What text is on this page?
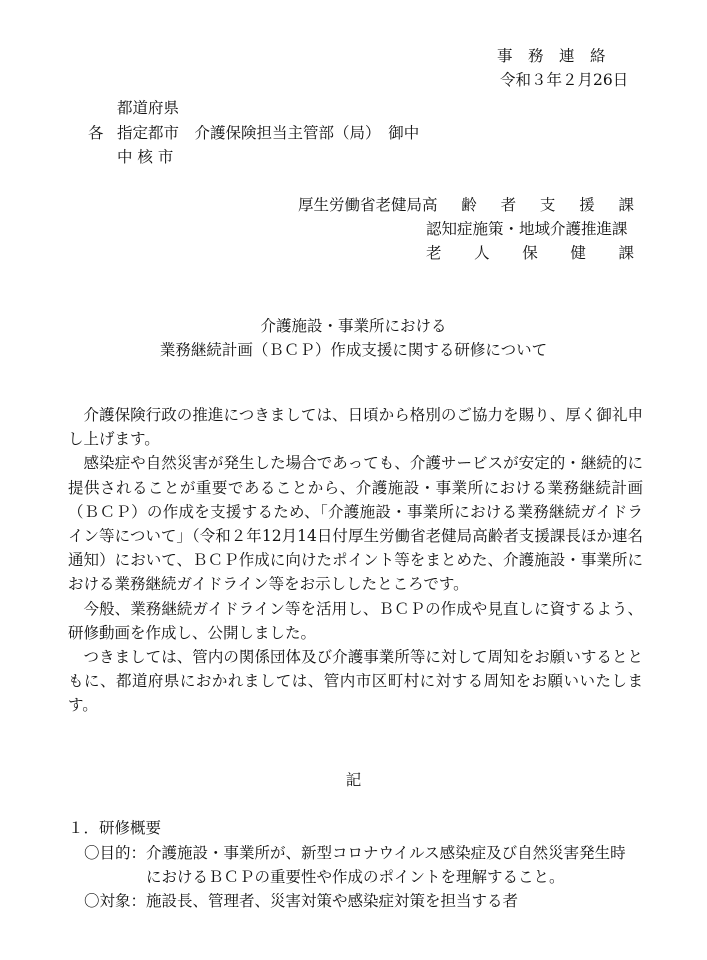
事　務　連　絡
令和３年２月26日
都道府県
各 指定都市　介護保険担当主管部（局）　御中
中 核 市
厚生労働省老健局 高 齢 者 支 援 課
認知症施策・地域介護推進課
老 人 保 健 課
介護施設・事業所における
業務継続計画（ＢＣＰ）作成支援に関する研修について

介護保険行政の推進につきましては、日頃から格別のご協力を賜り、厚く御礼申し上げます。

感染症や自然災害が発生した場合であっても、介護サービスが安定的・継続的に提供されることが重要であることから、介護施設・事業所における業務継続計画（ＢＣＰ）の作成を支援するため、「介護施設・事業所における業務継続ガイドライン等について」（令和２年12月14日付厚生労働省老健局高齢者支援課長ほか連名通知）において、ＢＣＰ作成に向けたポイント等をまとめた、介護施設・事業所における業務継続ガイドライン等をお示ししたところです。

今般、業務継続ガイドライン等を活用し、ＢＣＰの作成や見直しに資するよう、研修動画を作成し、公開しました。

つきましては、管内の関係団体及び介護事業所等に対して周知をお願いするとともに、都道府県におかれましては、管内市区町村に対する周知をお願いいたします。

記
１．研修概要
〇目的： 介護施設・事業所が、新型コロナウイルス感染症及び自然災害発生時
におけるＢＣＰの重要性や作成のポイントを理解すること。
〇対象： 施設長、管理者、災害対策や感染症対策を担当する者
